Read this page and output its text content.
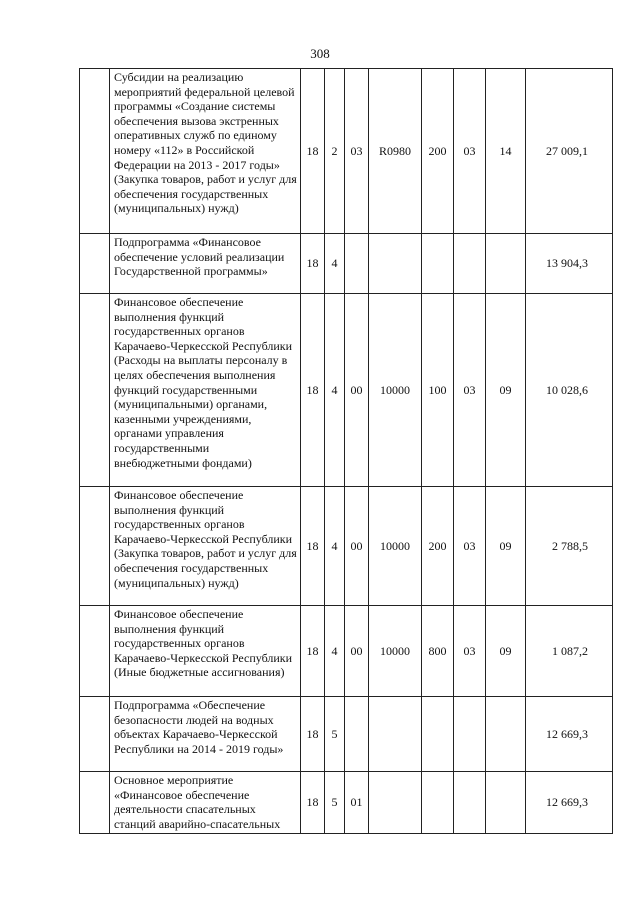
308
	Субсидии на реализацию мероприятий федеральной целевой программы «Создание системы обеспечения вызова экстренных оперативных служб по единому номеру «112» в Российской Федерации на 2013 - 2017 годы» (Закупка товаров, работ и услуг для обеспечения государственных (муниципальных) нужд)	18	2	03	R0980	200	03	14	27 009,1
	Подпрограмма «Финансовое обеспечение условий реализации Государственной программы»	18	4						13 904,3
	Финансовое обеспечение выполнения функций государственных органов Карачаево-Черкесской Республики (Расходы на выплаты персоналу в целях обеспечения выполнения функций государственными (муниципальными) органами, казенными учреждениями, органами управления государственными внебюджетными фондами)	18	4	00	10000	100	03	09	10 028,6
	Финансовое обеспечение выполнения функций государственных органов Карачаево-Черкесской Республики (Закупка товаров, работ и услуг для обеспечения государственных (муниципальных) нужд)	18	4	00	10000	200	03	09	2 788,5
	Финансовое обеспечение выполнения функций государственных органов Карачаево-Черкесской Республики (Иные бюджетные ассигнования)	18	4	00	10000	800	03	09	1 087,2
	Подпрограмма «Обеспечение безопасности людей на водных объектах Карачаево-Черкесской Республики на 2014 - 2019 годы»	18	5						12 669,3
	Основное мероприятие «Финансовое обеспечение деятельности спасательных станций аварийно-спасательных	18	5	01					12 669,3
